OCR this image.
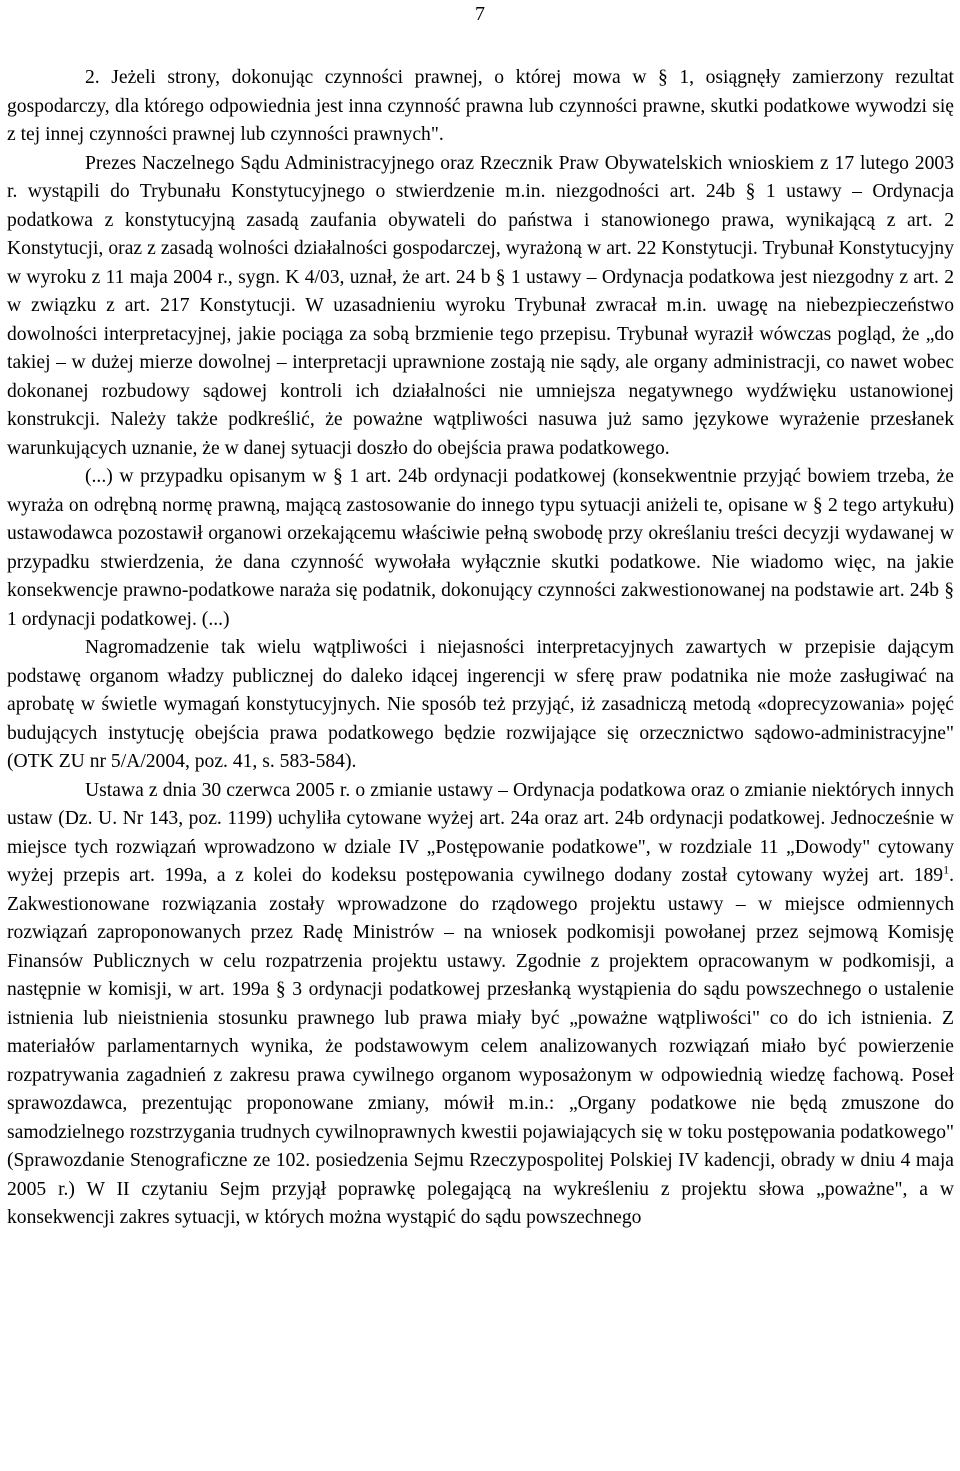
7

2. Jeżeli strony, dokonując czynności prawnej, o której mowa w § 1, osiągnęły zamierzony rezultat gospodarczy, dla którego odpowiednia jest inna czynność prawna lub czynności prawne, skutki podatkowe wywodzi się z tej innej czynności prawnej lub czynności prawnych".

Prezes Naczelnego Sądu Administracyjnego oraz Rzecznik Praw Obywatelskich wnioskiem z 17 lutego 2003 r. wystąpili do Trybunału Konstytucyjnego o stwierdzenie m.in. niezgodności art. 24b § 1 ustawy – Ordynacja podatkowa z konstytucyjną zasadą zaufania obywateli do państwa i stanowionego prawa, wynikającą z art. 2 Konstytucji, oraz z zasadą wolności działalności gospodarczej, wyrażoną w art. 22 Konstytucji. Trybunał Konstytucyjny w wyroku z 11 maja 2004 r., sygn. K 4/03, uznał, że art. 24 b § 1 ustawy – Ordynacja podatkowa jest niezgodny z art. 2 w związku z art. 217 Konstytucji. W uzasadnieniu wyroku Trybunał zwracał m.in. uwagę na niebezpieczeństwo dowolności interpretacyjnej, jakie pociąga za sobą brzmienie tego przepisu. Trybunał wyraził wówczas pogląd, że „do takiej – w dużej mierze dowolnej – interpretacji uprawnione zostają nie sądy, ale organy administracji, co nawet wobec dokonanej rozbudowy sądowej kontroli ich działalności nie umniejsza negatywnego wydźwięku ustanowionej konstrukcji. Należy także podkreślić, że poważne wątpliwości nasuwa już samo językowe wyrażenie przesłanek warunkujących uznanie, że w danej sytuacji doszło do obejścia prawa podatkowego.

(...) w przypadku opisanym w § 1 art. 24b ordynacji podatkowej (konsekwentnie przyjąć bowiem trzeba, że wyraża on odrębną normę prawną, mającą zastosowanie do innego typu sytuacji aniżeli te, opisane w § 2 tego artykułu) ustawodawca pozostawił organowi orzekającemu właściwie pełną swobodę przy określaniu treści decyzji wydawanej w przypadku stwierdzenia, że dana czynność wywołała wyłącznie skutki podatkowe. Nie wiadomo więc, na jakie konsekwencje prawno-podatkowe naraża się podatnik, dokonujący czynności zakwestionowanej na podstawie art. 24b § 1 ordynacji podatkowej. (...)

Nagromadzenie tak wielu wątpliwości i niejasności interpretacyjnych zawartych w przepisie dającym podstawę organom władzy publicznej do daleko idącej ingerencji w sferę praw podatnika nie może zasługiwać na aprobatę w świetle wymagań konstytucyjnych. Nie sposób też przyjąć, iż zasadniczą metodą «doprecyzowania» pojęć budujących instytucję obejścia prawa podatkowego będzie rozwijające się orzecznictwo sądowo-administracyjne" (OTK ZU nr 5/A/2004, poz. 41, s. 583-584).

Ustawa z dnia 30 czerwca 2005 r. o zmianie ustawy – Ordynacja podatkowa oraz o zmianie niektórych innych ustaw (Dz. U. Nr 143, poz. 1199) uchyliła cytowane wyżej art. 24a oraz art. 24b ordynacji podatkowej. Jednocześnie w miejsce tych rozwiązań wprowadzono w dziale IV „Postępowanie podatkowe", w rozdziale 11 „Dowody" cytowany wyżej przepis art. 199a, a z kolei do kodeksu postępowania cywilnego dodany został cytowany wyżej art. $189^1$. Zakwestionowane rozwiązania zostały wprowadzone do rządowego projektu ustawy – w miejsce odmiennych rozwiązań zaproponowanych przez Radę Ministrów – na wniosek podkomisji powołanej przez sejmową Komisję Finansów Publicznych w celu rozpatrzenia projektu ustawy. Zgodnie z projektem opracowanym w podkomisji, a następnie w komisji, w art. 199a § 3 ordynacji podatkowej przesłanką wystąpienia do sądu powszechnego o ustalenie istnienia lub nieistnienia stosunku prawnego lub prawa miały być „poważne wątpliwości" co do ich istnienia. Z materiałów parlamentarnych wynika, że podstawowym celem analizowanych rozwiązań miało być powierzenie rozpatrywania zagadnień z zakresu prawa cywilnego organom wyposażonym w odpowiednią wiedzę fachową. Poseł sprawozdawca, prezentując proponowane zmiany, mówił m.in.: „Organy podatkowe nie będą zmuszone do samodzielnego rozstrzygania trudnych cywilnoprawnych kwestii pojawiających się w toku postępowania podatkowego" (Sprawozdanie Stenograficzne ze 102. posiedzenia Sejmu Rzeczypospolitej Polskiej IV kadencji, obrady w dniu 4 maja 2005 r.) W II czytaniu Sejm przyjął poprawkę polegającą na wykreśleniu z projektu słowa „poważne", a w konsekwencji zakres sytuacji, w których można wystąpić do sądu powszechnego
